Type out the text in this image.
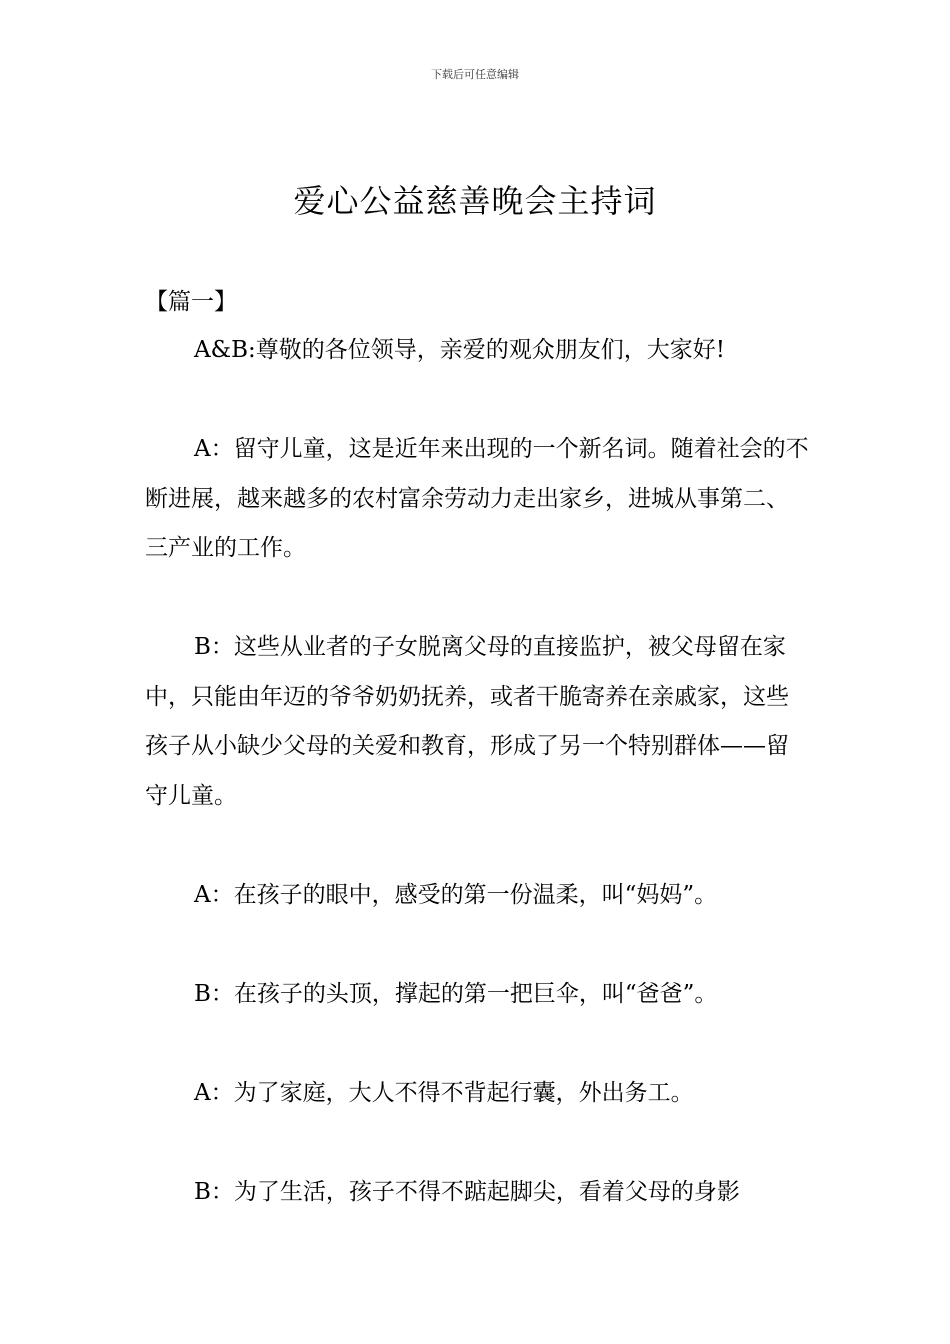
下载后可任意编辑
爱心公益慈善晚会主持词
【篇一】

A&B:尊敬的各位领导，亲爱的观众朋友们，大家好!

A：留守儿童，这是近年来出现的一个新名词。随着社会的不断进展，越来越多的农村富余劳动力走出家乡，进城从事第二、三产业的工作。

B：这些从业者的子女脱离父母的直接监护，被父母留在家中，只能由年迈的爷爷奶奶抚养，或者干脆寄养在亲戚家，这些孩子从小缺少父母的关爱和教育，形成了另一个特别群体——留守儿童。

A：在孩子的眼中，感受的第一份温柔，叫“妈妈”。

B：在孩子的头顶，撑起的第一把巨伞，叫“爸爸”。

A：为了家庭，大人不得不背起行囊，外出务工。

B：为了生活，孩子不得不踮起脚尖，看着父母的身影
